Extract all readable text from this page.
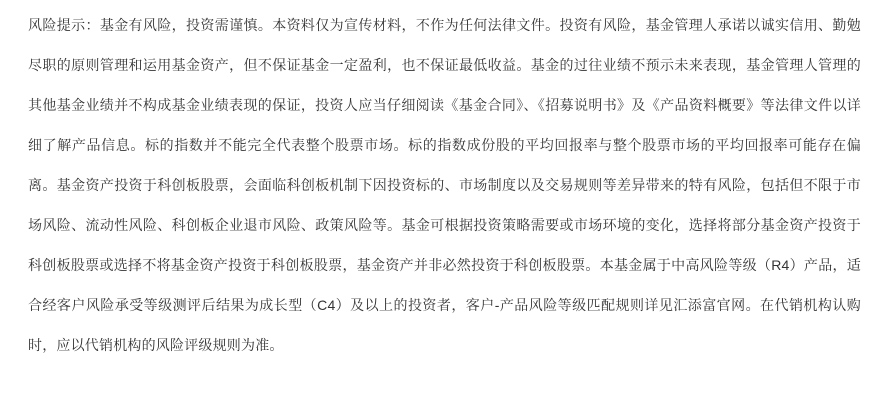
风险提示：基金有风险，投资需谨慎。本资料仅为宣传材料，不作为任何法律文件。投资有风险，基金管理人承诺以诚实信用、勤勉尽职的原则管理和运用基金资产，但不保证基金一定盈利，也不保证最低收益。基金的过往业绩不预示未来表现，基金管理人管理的其他基金业绩并不构成基金业绩表现的保证，投资人应当仔细阅读《基金合同》、《招募说明书》及《产品资料概要》等法律文件以详细了解产品信息。标的指数并不能完全代表整个股票市场。标的指数成份股的平均回报率与整个股票市场的平均回报率可能存在偏离。基金资产投资于科创板股票，会面临科创板机制下因投资标的、市场制度以及交易规则等差异带来的特有风险，包括但不限于市场风险、流动性风险、科创板企业退市风险、政策风险等。基金可根据投资策略需要或市场环境的变化，选择将部分基金资产投资于科创板股票或选择不将基金资产投资于科创板股票，基金资产并非必然投资于科创板股票。本基金属于中高风险等级（R4）产品，适合经客户风险承受等级测评后结果为成长型（C4）及以上的投资者，客户-产品风险等级匹配规则详见汇添富官网。在代销机构认购时，应以代销机构的风险评级规则为准。
